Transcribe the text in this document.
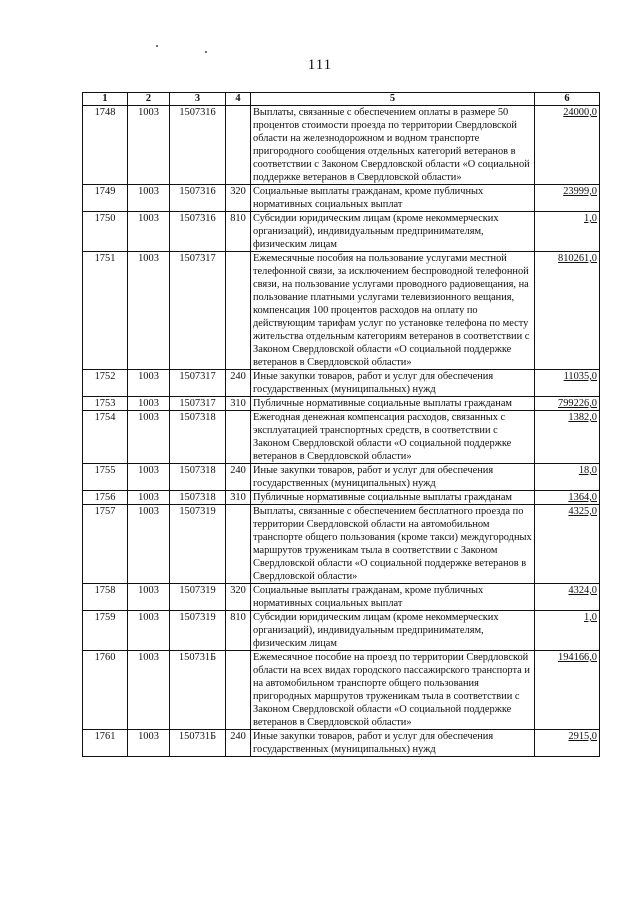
111
1	2	3	4	5	6
1748	1003	1507316		Выплаты, связанные с обеспечением оплаты в размере 50 процентов стоимости проезда по территории Свердловской области на железнодорожном и водном транспорте пригородного сообщения отдельных категорий ветеранов в соответствии с Законом Свердловской области «О социальной поддержке ветеранов в Свердловской области»	24000,0
1749	1003	1507316	320	Социальные выплаты гражданам, кроме публичных нормативных социальных выплат	23999,0
1750	1003	1507316	810	Субсидии юридическим лицам (кроме некоммерческих организаций), индивидуальным предпринимателям, физическим лицам	1,0
1751	1003	1507317		Ежемесячные пособия на пользование услугами местной телефонной связи, за исключением беспроводной телефонной связи, на пользование услугами проводного радиовещания, на пользование платными услугами телевизионного вещания, компенсация 100 процентов расходов на оплату по действующим тарифам услуг по установке телефона по месту жительства отдельным категориям ветеранов в соответствии с Законом Свердловской области «О социальной поддержке ветеранов в Свердловской области»	810261,0
1752	1003	1507317	240	Иные закупки товаров, работ и услуг для обеспечения государственных (муниципальных) нужд	11035,0
1753	1003	1507317	310	Публичные нормативные социальные выплаты гражданам	799226,0
1754	1003	1507318		Ежегодная денежная компенсация расходов, связанных с эксплуатацией транспортных средств, в соответствии с Законом Свердловской области «О социальной поддержке ветеранов в Свердловской области»	1382,0
1755	1003	1507318	240	Иные закупки товаров, работ и услуг для обеспечения государственных (муниципальных) нужд	18,0
1756	1003	1507318	310	Публичные нормативные социальные выплаты гражданам	1364,0
1757	1003	1507319		Выплаты, связанные с обеспечением бесплатного проезда по территории Свердловской области на автомобильном транспорте общего пользования (кроме такси) междугородных маршрутов труженикам тыла в соответствии с Законом Свердловской области «О социальной поддержке ветеранов в Свердловской области»	4325,0
1758	1003	1507319	320	Социальные выплаты гражданам, кроме публичных нормативных социальных выплат	4324,0
1759	1003	1507319	810	Субсидии юридическим лицам (кроме некоммерческих организаций), индивидуальным предпринимателям, физическим лицам	1,0
1760	1003	150731Б		Ежемесячное пособие на проезд по территории Свердловской области на всех видах городского пассажирского транспорта и на автомобильном транспорте общего пользования пригородных маршрутов труженикам тыла в соответствии с Законом Свердловской области «О социальной поддержке ветеранов в Свердловской области»	194166,0
1761	1003	150731Б	240	Иные закупки товаров, работ и услуг для обеспечения государственных (муниципальных) нужд	2915,0
